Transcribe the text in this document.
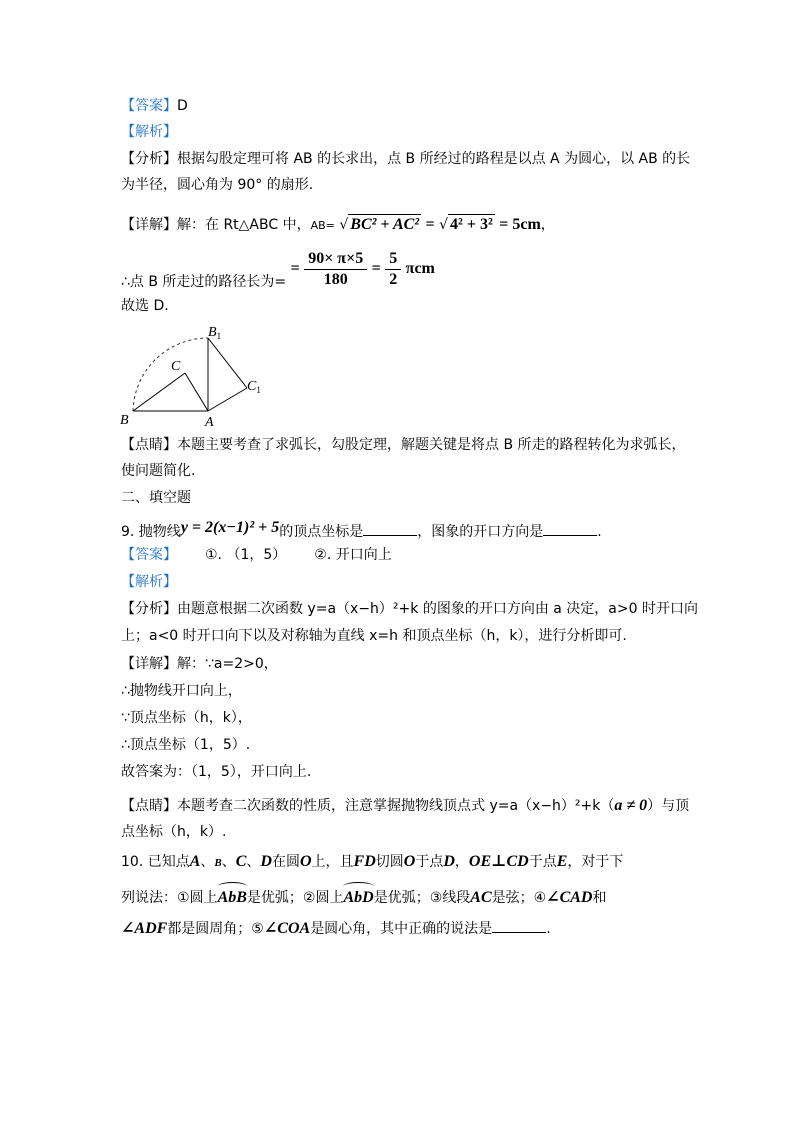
【答案】D
【解析】
【分析】根据勾股定理可将 AB 的长求出，点 B 所经过的路程是以点 A 为圆心，以 AB 的长
为半径，圆心角为 90° 的扇形.
【详解】解：在 Rt△ABC 中，AB= √ BC² + AC² = √ 4² + 3² = 5cm，
∴点 B 所走过的路径长为= = $\frac{90\times \pi\times 5}{180} = \frac{5}{2}$ πcm
故选 D.
B	A
C
$B_1$
$C_1$
【点睛】本题主要考查了求弧长，勾股定理，解题关键是将点 B 所走的路程转化为求弧长，
使问题简化.
二、填空题
9. 抛物线y = 2(x−1)² + 5的顶点坐标是	，图象的开口方向是	.
【答案】 ①. （1，5） ②. 开口向上
【解析】
【分析】由题意根据二次函数 y=a（x−h）²+k 的图象的开口方向由 a 决定，a>0 时开口向
上；a<0 时开口向下以及对称轴为直线 x=h 和顶点坐标（h，k），进行分析即可.
【详解】解：∵a=2>0，
∴抛物线开口向上，
∵顶点坐标（h，k），
∴顶点坐标（1，5）.
故答案为：（1，5），开口向上.
【点睛】本题考查二次函数的性质，注意掌握抛物线顶点式 y=a（x−h）²+k（a ≠ 0）与顶
点坐标（h，k）.
10. 已知点A、B、C、D在圆O上，且FD切圆O于点D，OE⊥CD于点E，对于下
列说法：①圆上AbB是优弧；②圆上AbD是优弧；③线段AC是弦；④∠CAD和
∠ADF都是圆周角；⑤∠COA是圆心角，其中正确的说法是	.
